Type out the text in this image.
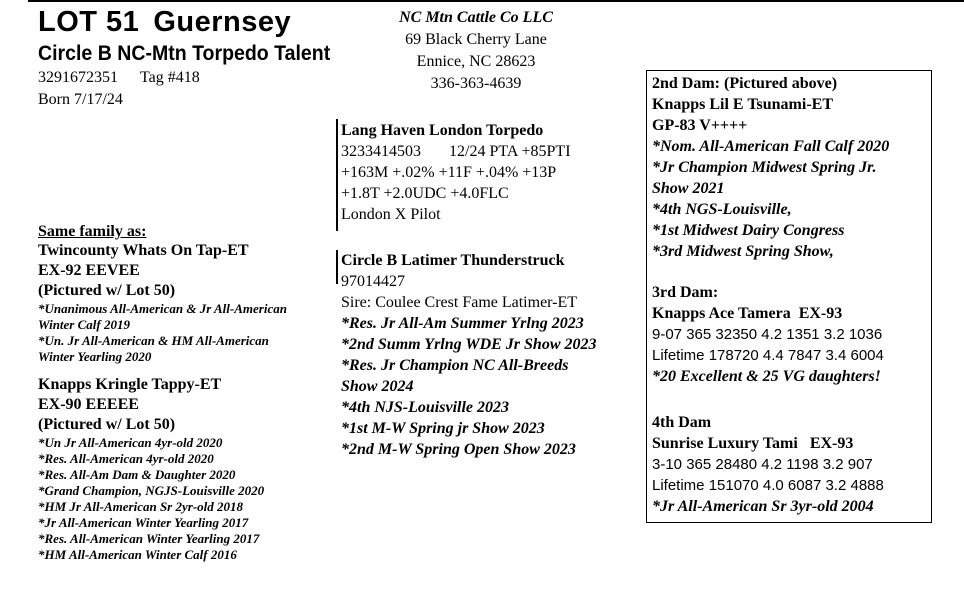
LOT 51 Guernsey
Circle B NC-Mtn Torpedo Talent
3291672351 Tag #418
Born 7/17/24
NC Mtn Cattle Co LLC
69 Black Cherry Lane
Ennice, NC 28623
336-363-4639
Lang Haven London Torpedo
3233414503       12/24 PTA +85PTI
+163M +.02% +11F +.04% +13P
+1.8T +2.0UDC +4.0FLC
London X Pilot
Circle B Latimer Thunderstruck
97014427
Sire: Coulee Crest Fame Latimer-ET
*Res. Jr All-Am Summer Yrlng 2023
*2nd Summ Yrlng WDE Jr Show 2023
*Res. Jr Champion NC All-Breeds
Show 2024
*4th NJS-Louisville 2023
*1st M-W Spring jr Show 2023
*2nd M-W Spring Open Show 2023
Same family as:
Twincounty Whats On Tap-ET
EX-92 EEVEE
(Pictured w/ Lot 50)
*Unanimous All-American & Jr All-American
Winter Calf 2019
*Un. Jr All-American & HM All-American
Winter Yearling 2020
Knapps Kringle Tappy-ET
EX-90 EEEEE
(Pictured w/ Lot 50)
*Un Jr All-American 4yr-old 2020
*Res. All-American 4yr-old 2020
*Res. All-Am Dam & Daughter 2020
*Grand Champion, NGJS-Louisville 2020
*HM Jr All-American Sr 2yr-old 2018
*Jr All-American Winter Yearling 2017
*Res. All-American Winter Yearling 2017
*HM All-American Winter Calf 2016
2nd Dam: (Pictured above)
Knapps Lil E Tsunami-ET
GP-83 V++++
*Nom. All-American Fall Calf 2020
*Jr Champion Midwest Spring Jr.
Show 2021
*4th NGS-Louisville,
*1st Midwest Dairy Congress
*3rd Midwest Spring Show,
3rd Dam:
Knapps Ace Tamera  EX-93
9-07 365 32350 4.2 1351 3.2 1036
Lifetime 178720 4.4 7847 3.4 6004
*20 Excellent & 25 VG daughters!
4th Dam
Sunrise Luxury Tami   EX-93
3-10 365 28480 4.2 1198 3.2 907
Lifetime 151070 4.0 6087 3.2 4888
*Jr All-American Sr 3yr-old 2004
